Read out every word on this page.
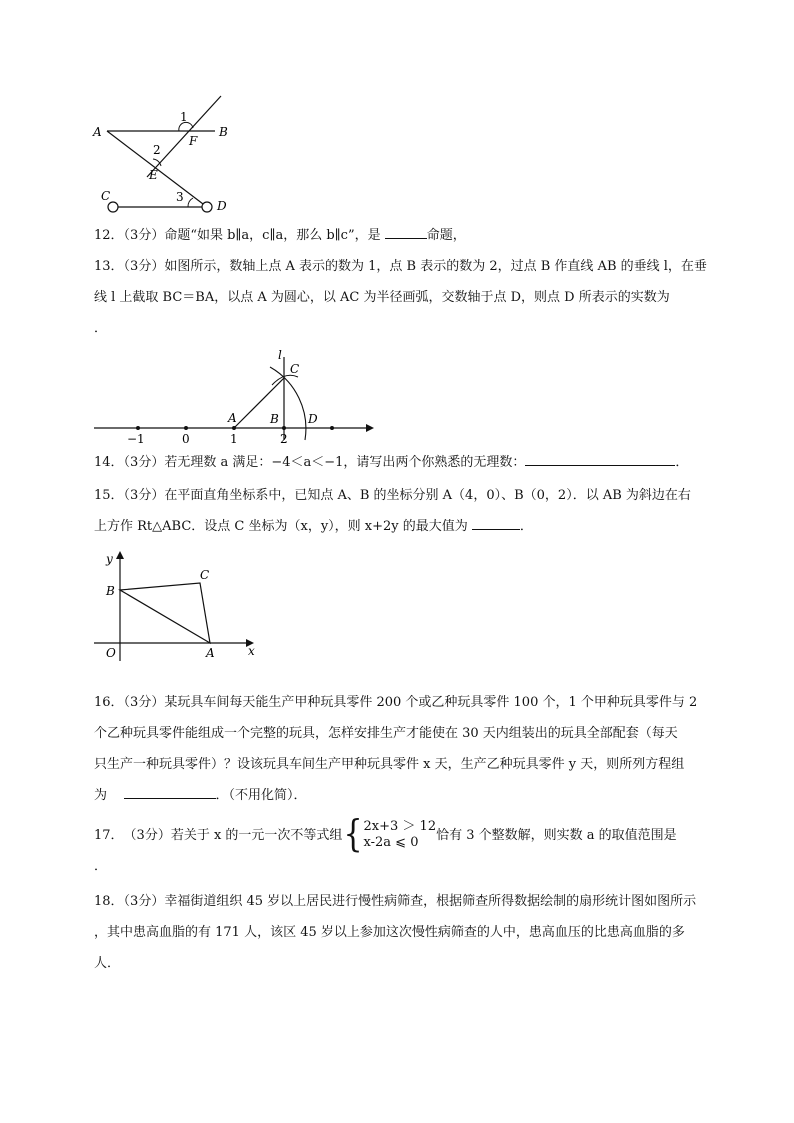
A	B
C
D
E
F
1
2
3

12．（3分）命题“如果 b∥a，c∥a，那么 b∥c”，是	命题，

13．（3分）如图所示，数轴上点 A 表示的数为 1，点 B 表示的数为 2，过点 B 作直线 AB 的垂线 l，在垂
线 l 上截取 BC＝BA，以点 A 为圆心，以 AC 为半径画弧，交数轴于点 D，则点 D 所表示的实数为
．
−1	0	1	2
l
C
A	B D

14．（3分）若无理数 a 满足：−4＜a＜−1，请写出两个你熟悉的无理数：	．

15．（3分）在平面直角坐标系中，已知点 A、B 的坐标分别 A（4，0）、B（0，2）．以 AB 为斜边在右
上方作 Rt△ABC．设点 C 坐标为（x，y），则 x+2y 的最大值为	．
y
x
B
C
O	A
16．（3分）某玩具车间每天能生产甲种玩具零件 200 个或乙种玩具零件 100 个，1 个甲种玩具零件与 2
个乙种玩具零件能组成一个完整的玩具，怎样安排生产才能使在 30 天内组装出的玩具全部配套（每天
只生产一种玩具零件）？设该玩具车间生产甲种玩具零件 x 天，生产乙种玩具零件 y 天，则所列方程组
为	．（不用化简）．
17． （3分） 若关于 x 的一元一次不等式组 { 2x+3 ＞ 12
x-2a ⩽ 0	恰有 3 个整数解，则实数 a 的取值范围是
．
18．（3分）幸福街道组织 45 岁以上居民进行慢性病筛查，根据筛查所得数据绘制的扇形统计图如图所示
，其中患高血脂的有 171 人，该区 45 岁以上参加这次慢性病筛查的人中，患高血压的比患高血脂的多
人．
